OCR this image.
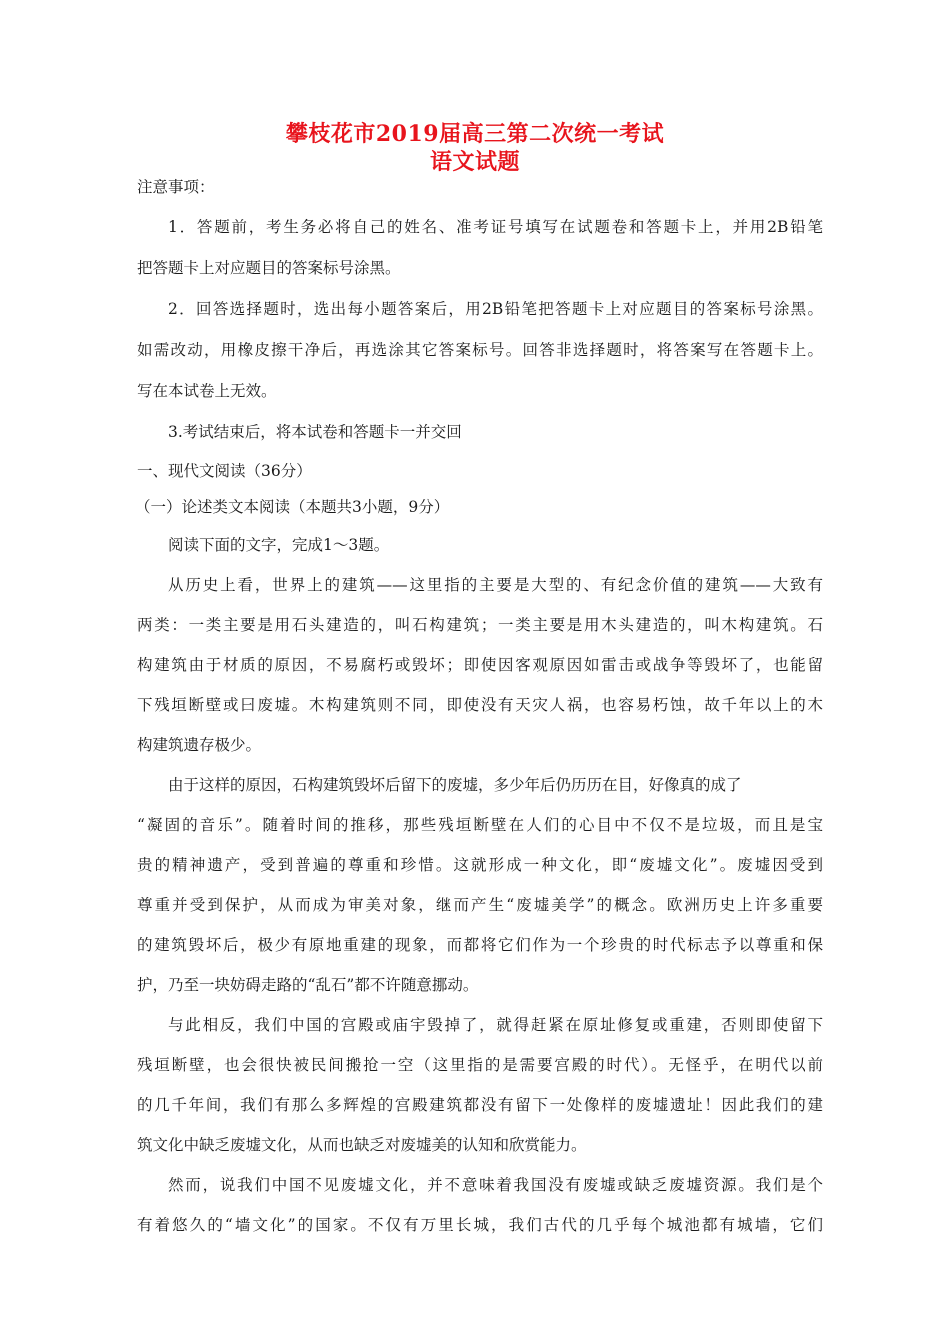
攀枝花市2019届高三第二次统一考试
语文试题
注意事项：
1．答题前，考生务必将自己的姓名、准考证号填写在试题卷和答题卡上，并用2B铅笔
把答题卡上对应题目的答案标号涂黑。
2．回答选择题时，选出每小题答案后，用2B铅笔把答题卡上对应题目的答案标号涂黑。
如需改动，用橡皮擦干净后，再选涂其它答案标号。回答非选择题时，将答案写在答题卡上。
写在本试卷上无效。
3.考试结束后，将本试卷和答题卡一并交回
一、现代文阅读（36分）
（一）论述类文本阅读（本题共3小题，9分）
阅读下面的文字，完成1～3题。
从历史上看，世界上的建筑——这里指的主要是大型的、有纪念价值的建筑——大致有
两类：一类主要是用石头建造的，叫石构建筑；一类主要是用木头建造的，叫木构建筑。石
构建筑由于材质的原因，不易腐朽或毁坏；即使因客观原因如雷击或战争等毁坏了，也能留
下残垣断壁或曰废墟。木构建筑则不同，即使没有天灾人祸，也容易朽蚀，故千年以上的木
构建筑遗存极少。
由于这样的原因，石构建筑毁坏后留下的废墟，多少年后仍历历在目，好像真的成了
“凝固的音乐”。随着时间的推移，那些残垣断壁在人们的心目中不仅不是垃圾，而且是宝
贵的精神遗产，受到普遍的尊重和珍惜。这就形成一种文化，即“废墟文化”。废墟因受到
尊重并受到保护，从而成为审美对象，继而产生“废墟美学”的概念。欧洲历史上许多重要
的建筑毁坏后，极少有原地重建的现象，而都将它们作为一个珍贵的时代标志予以尊重和保
护，乃至一块妨碍走路的“乱石”都不许随意挪动。
与此相反，我们中国的宫殿或庙宇毁掉了，就得赶紧在原址修复或重建，否则即使留下
残垣断壁，也会很快被民间搬抢一空（这里指的是需要宫殿的时代）。无怪乎，在明代以前
的几千年间，我们有那么多辉煌的宫殿建筑都没有留下一处像样的废墟遗址！因此我们的建
筑文化中缺乏废墟文化，从而也缺乏对废墟美的认知和欣赏能力。
然而，说我们中国不见废墟文化，并不意味着我国没有废墟或缺乏废墟资源。我们是个
有着悠久的“墙文化”的国家。不仅有万里长城，我们古代的几乎每个城池都有城墙，它们
